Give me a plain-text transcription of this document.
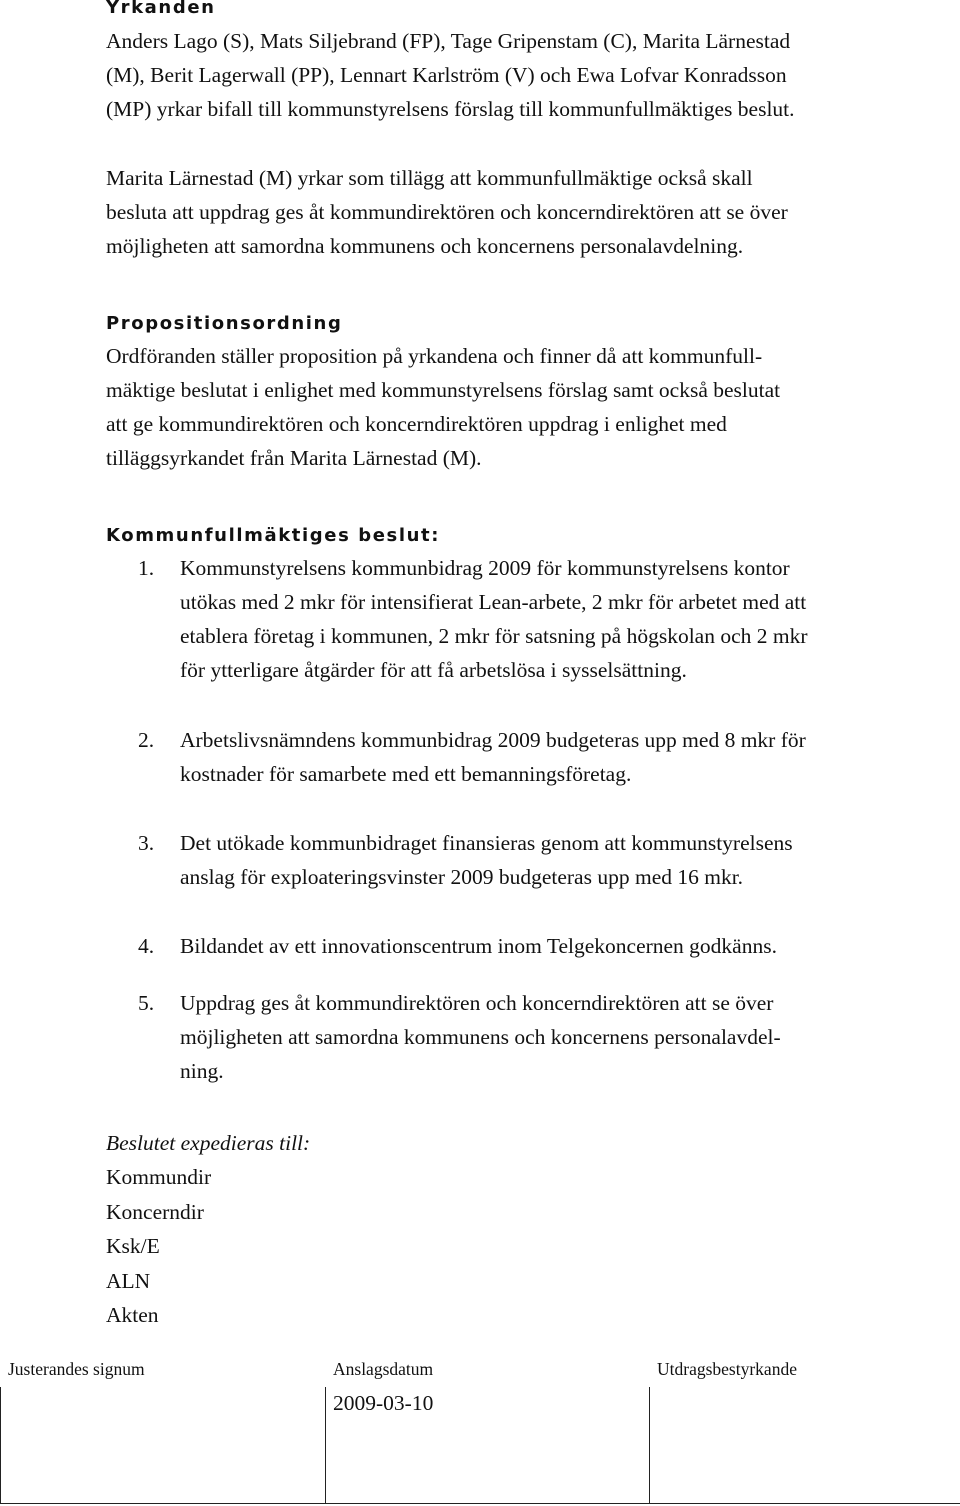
Yrkanden
Anders Lago (S), Mats Siljebrand (FP), Tage Gripenstam (C), Marita Lärnestad
(M), Berit Lagerwall (PP), Lennart Karlström (V) och Ewa Lofvar Konradsson
(MP) yrkar bifall till kommunstyrelsens förslag till kommunfullmäktiges beslut.
Marita Lärnestad (M) yrkar som tillägg att kommunfullmäktige också skall
besluta att uppdrag ges åt kommundirektören och koncerndirektören att se över
möjligheten att samordna kommunens och koncernens personalavdelning.
Propositionsordning
Ordföranden ställer proposition på yrkandena och finner då att kommunfull-
mäktige beslutat i enlighet med kommunstyrelsens förslag samt också beslutat
att ge kommundirektören och koncerndirektören uppdrag i enlighet med
tilläggsyrkandet från Marita Lärnestad (M).
Kommunfullmäktiges beslut:
1. Kommunstyrelsens kommunbidrag 2009 för kommunstyrelsens kontor
utökas med 2 mkr för intensifierat Lean-arbete, 2 mkr för arbetet med att
etablera företag i kommunen, 2 mkr för satsning på högskolan och 2 mkr
för ytterligare åtgärder för att få arbetslösa i sysselsättning.
2. Arbetslivsnämndens kommunbidrag 2009 budgeteras upp med 8 mkr för
kostnader för samarbete med ett bemanningsföretag.
3. Det utökade kommunbidraget finansieras genom att kommunstyrelsens
anslag för exploateringsvinster 2009 budgeteras upp med 16 mkr.
4. Bildandet av ett innovationscentrum inom Telgekoncernen godkänns.
5. Uppdrag ges åt kommundirektören och koncerndirektören att se över
möjligheten att samordna kommunens och koncernens personalavdel-
ning.
Beslutet expedieras till:
Kommundir
Koncerndir
Ksk/E
ALN
Akten
Justerandes signum	Anslagsdatum	Utdragsbestyrkande
2009-03-10
